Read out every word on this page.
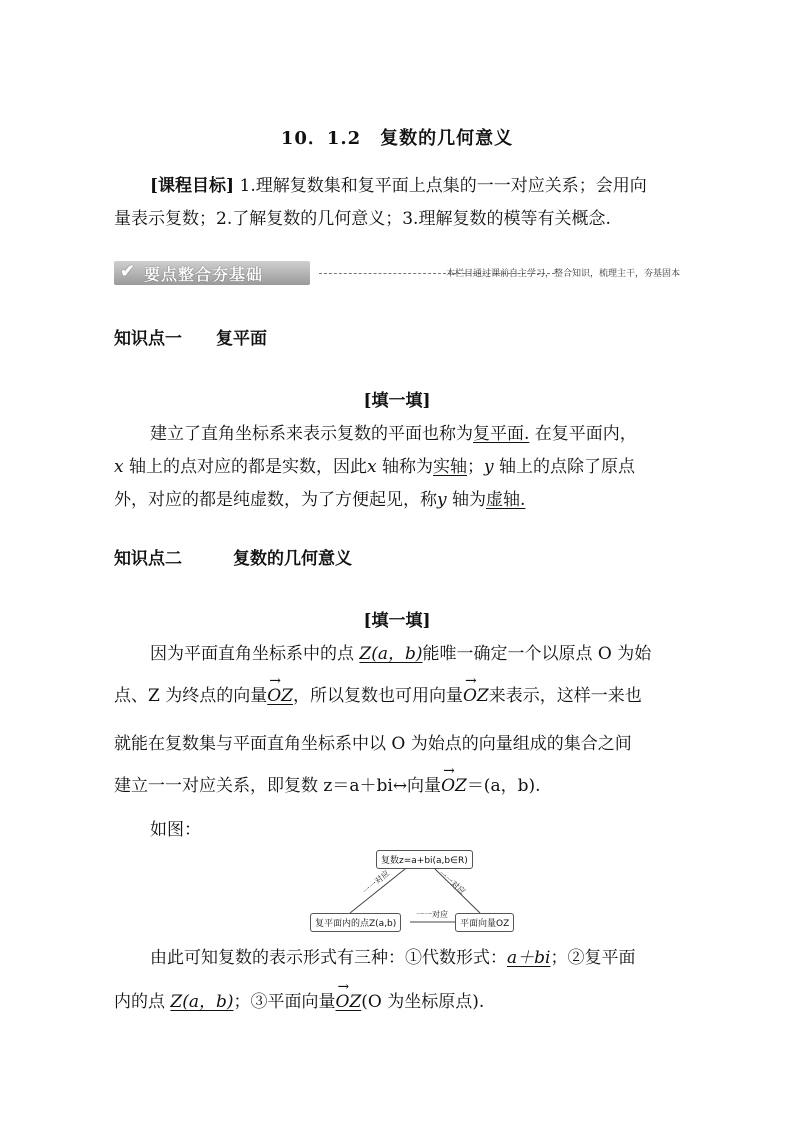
10．1.2　复数的几何意义
[课程目标] 1.理解复数集和复平面上点集的一一对应关系；会用向
量表示复数；2.了解复数的几何意义；3.理解复数的模等有关概念.
✔ 要点整合夯基础	本栏目通过课前自主学习，整合知识，梳理主干，夯基固本
知识点一　　复平面
[填一填]
建立了直角坐标系来表示复数的平面也称为复平面. 在复平面内，
x 轴上的点对应的都是实数，因此x 轴称为实轴；y 轴上的点除了原点
外，对应的都是纯虚数，为了方便起见，称y 轴为虚轴.
知识点二　　　复数的几何意义
[填一填]
因为平面直角坐标系中的点 Z(a，b)能唯一确定一个以原点 O 为始
点、Z 为终点的向量→ OZ，所以复数也可用向量→ OZ来表示，这样一来也
就能在复数集与平面直角坐标系中以 O 为始点的向量组成的集合之间
建立一一对应关系，即复数 z＝a＋bi↔向量→ OZ＝(a，b).
如图：
复数z=a+bi(a,b∈R)
复平面内的点Z(a,b)	平面向量OZ
一一对应	一一对应
一一对应
由此可知复数的表示形式有三种：①代数形式：a＋bi；②复平面
内的点 Z(a，b)；③平面向量→ OZ(O 为坐标原点).
